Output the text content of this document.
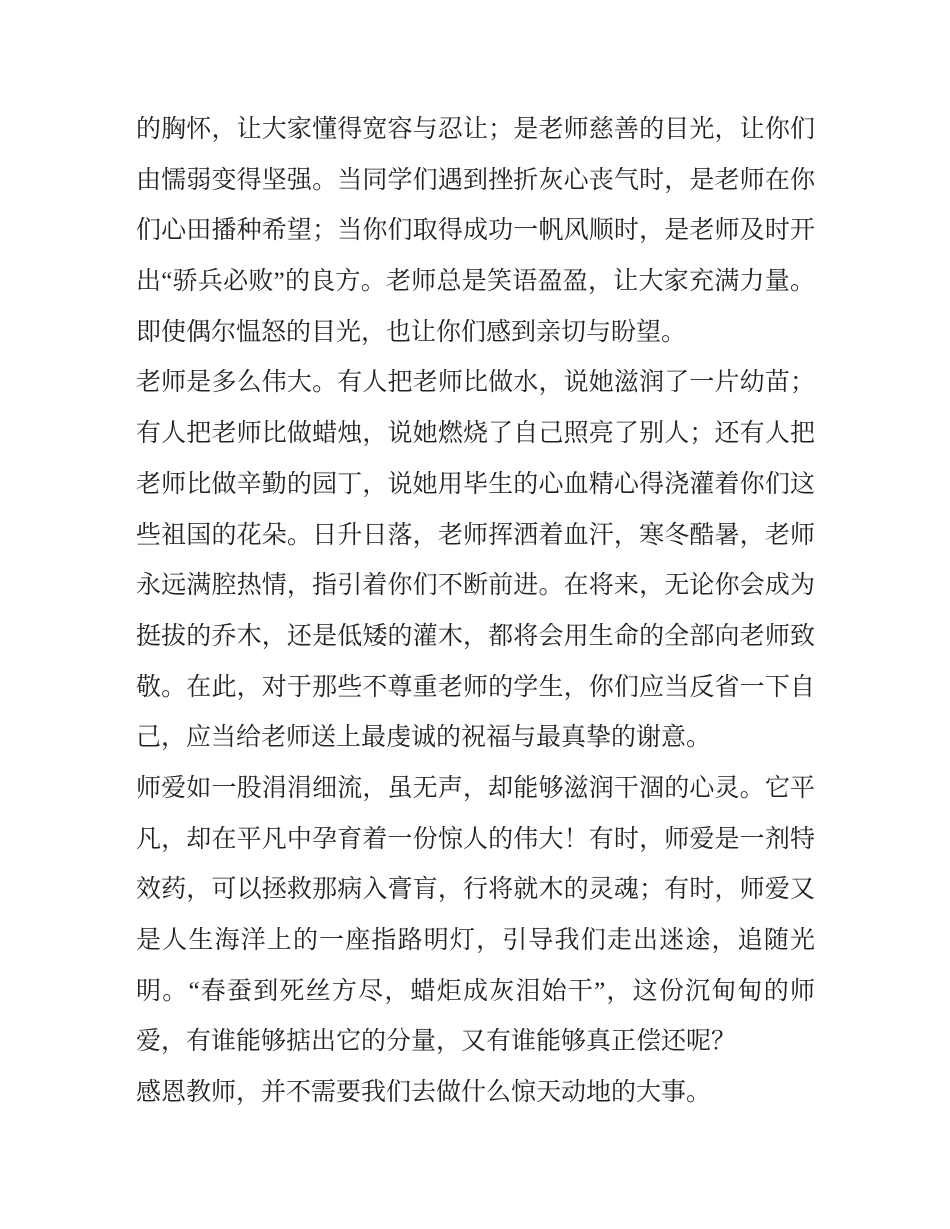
的胸怀，让大家懂得宽容与忍让；是老师慈善的目光，让你们
由懦弱变得坚强。当同学们遇到挫折灰心丧气时，是老师在你
们心田播种希望；当你们取得成功一帆风顺时，是老师及时开
出“骄兵必败”的良方。老师总是笑语盈盈，让大家充满力量。
即使偶尔愠怒的目光，也让你们感到亲切与盼望。

老师是多么伟大。有人把老师比做水，说她滋润了一片幼苗；
有人把老师比做蜡烛，说她燃烧了自己照亮了别人；还有人把
老师比做辛勤的园丁，说她用毕生的心血精心得浇灌着你们这
些祖国的花朵。日升日落，老师挥洒着血汗，寒冬酷暑，老师
永远满腔热情，指引着你们不断前进。在将来，无论你会成为
挺拔的乔木，还是低矮的灌木，都将会用生命的全部向老师致
敬。在此，对于那些不尊重老师的学生，你们应当反省一下自
己，应当给老师送上最虔诚的祝福与最真挚的谢意。

师爱如一股涓涓细流，虽无声，却能够滋润干涸的心灵。它平
凡，却在平凡中孕育着一份惊人的伟大！有时，师爱是一剂特
效药，可以拯救那病入膏肓，行将就木的灵魂；有时，师爱又
是人生海洋上的一座指路明灯，引导我们走出迷途，追随光
明。“春蚕到死丝方尽，蜡炬成灰泪始干”，这份沉甸甸的师
爱，有谁能够掂出它的分量，又有谁能够真正偿还呢？

感恩教师，并不需要我们去做什么惊天动地的大事。
